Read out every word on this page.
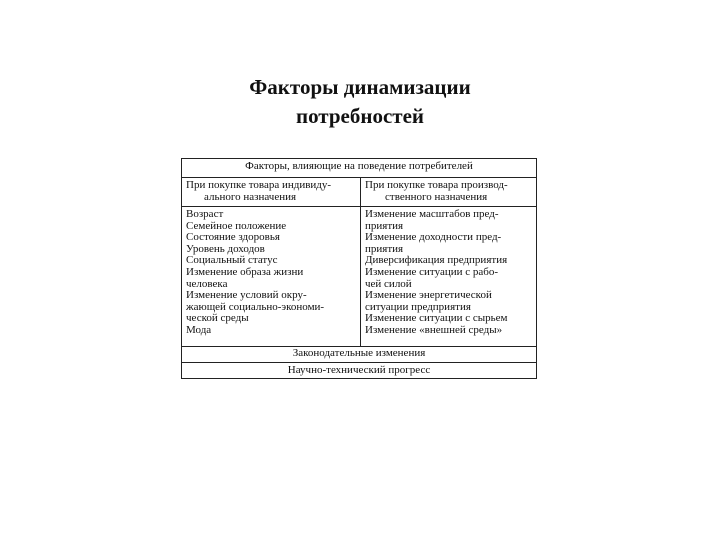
Факторы динамизации
потребностей
Факторы, влияющие на поведение потребителей
При покупке товара индивиду-
ального назначения
При покупке товара производ-
ственного назначения
Возраст
Семейное положение
Состояние здоровья
Уровень доходов
Социальный статус
Изменение образа жизни
человека
Изменение условий окру-
жающей социально-экономи-
ческой среды
Мода
Изменение масштабов пред-
приятия
Изменение доходности пред-
приятия
Диверсификация предприятия
Изменение ситуации с рабо-
чей силой
Изменение энергетической
ситуации предприятия
Изменение ситуации с сырьем
Изменение «внешней среды»
Законодательные изменения
Научно-технический прогресс
